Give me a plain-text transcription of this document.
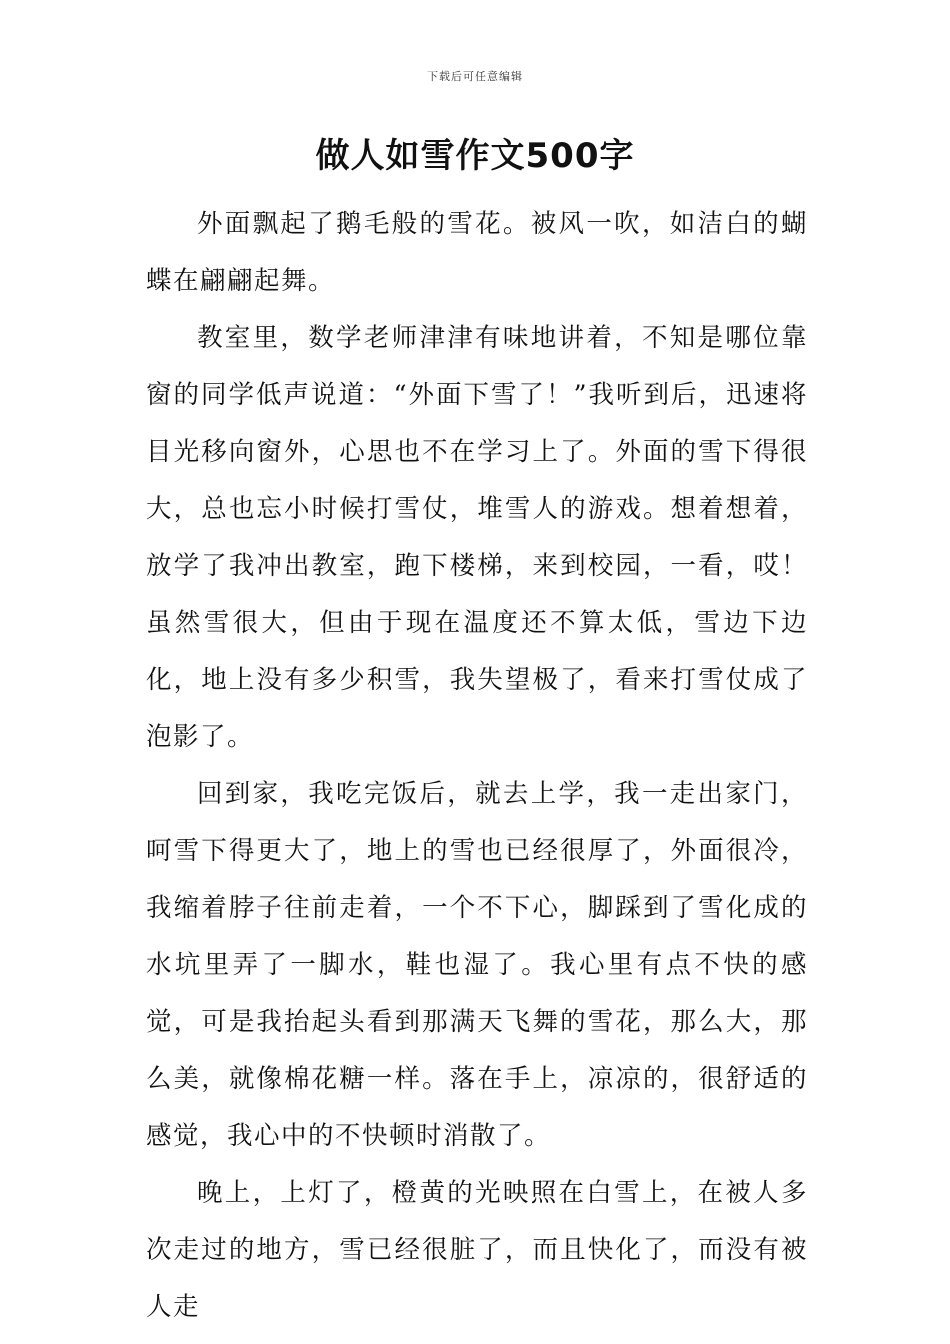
下载后可任意编辑
做人如雪作文500字

外面飘起了鹅毛般的雪花。被风一吹，如洁白的蝴蝶在翩翩起舞。

教室里，数学老师津津有味地讲着，不知是哪位靠窗的同学低声说道：“外面下雪了！”我听到后，迅速将目光移向窗外，心思也不在学习上了。外面的雪下得很大，总也忘小时候打雪仗，堆雪人的游戏。想着想着，放学了我冲出教室，跑下楼梯，来到校园，一看，哎！虽然雪很大，但由于现在温度还不算太低，雪边下边化，地上没有多少积雪，我失望极了，看来打雪仗成了泡影了。

回到家，我吃完饭后，就去上学，我一走出家门，呵雪下得更大了，地上的雪也已经很厚了，外面很冷，我缩着脖子往前走着，一个不下心，脚踩到了雪化成的水坑里弄了一脚水，鞋也湿了。我心里有点不快的感觉，可是我抬起头看到那满天飞舞的雪花，那么大，那么美，就像棉花糖一样。落在手上，凉凉的，很舒适的感觉，我心中的不快顿时消散了。

晚上，上灯了，橙黄的光映照在白雪上，在被人多次走过的地方，雪已经很脏了，而且快化了，而没有被人走
